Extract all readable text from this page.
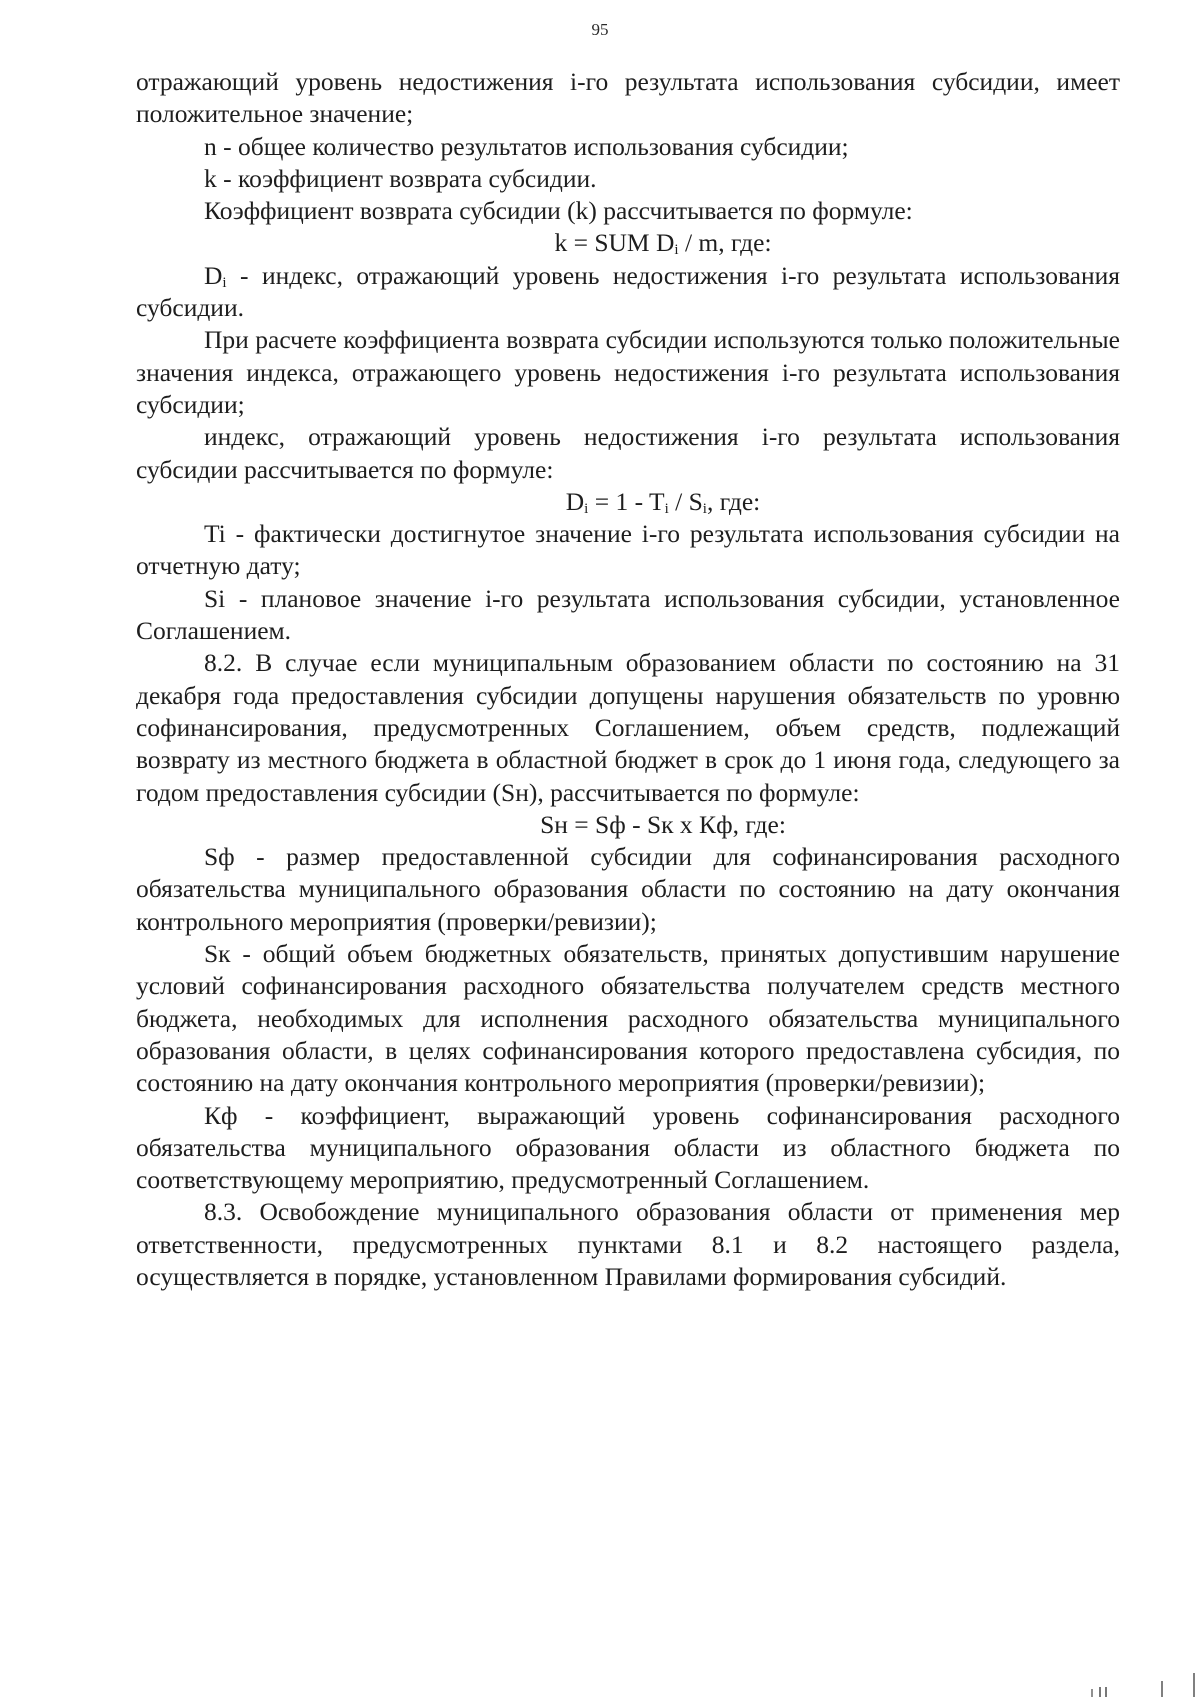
95

отражающий уровень недостижения i-го результата использования субсидии, имеет положительное значение;

n - общее количество результатов использования субсидии;

k - коэффициент возврата субсидии.

Коэффициент возврата субсидии (k) рассчитывается по формуле:

k = SUM $D_i$ / m, где:

$D_i$ - индекс, отражающий уровень недостижения i-го результата использования субсидии.

При расчете коэффициента возврата субсидии используются только положительные значения индекса, отражающего уровень недостижения i-го результата использования субсидии;

индекс, отражающий уровень недостижения i-го результата использования субсидии рассчитывается по формуле:

$D_i = 1 - T_i / S_i$, где:

Ti - фактически достигнутое значение i-го результата использования субсидии на отчетную дату;

Si - плановое значение i-го результата использования субсидии, установленное Соглашением.

8.2. В случае если муниципальным образованием области по состоянию на 31 декабря года предоставления субсидии допущены нарушения обязательств по уровню софинансирования, предусмотренных Соглашением, объем средств, подлежащий возврату из местного бюджета в областной бюджет в срок до 1 июня года, следующего за годом предоставления субсидии (Sн), рассчитывается по формуле:

Sн = Sф - Sк х Кф, где:

Sф - размер предоставленной субсидии для софинансирования расходного обязательства муниципального образования области по состоянию на дату окончания контрольного мероприятия (проверки/ревизии);

Sк - общий объем бюджетных обязательств, принятых допустившим нарушение условий софинансирования расходного обязательства получателем средств местного бюджета, необходимых для исполнения расходного обязательства муниципального образования области, в целях софинансирования которого предоставлена субсидия, по состоянию на дату окончания контрольного мероприятия (проверки/ревизии);

Кф - коэффициент, выражающий уровень софинансирования расходного обязательства муниципального образования области из областного бюджета по соответствующему мероприятию, предусмотренный Соглашением.

8.3. Освобождение муниципального образования области от применения мер ответственности, предусмотренных пунктами 8.1 и 8.2 настоящего раздела, осуществляется в порядке, установленном Правилами формирования субсидий.
